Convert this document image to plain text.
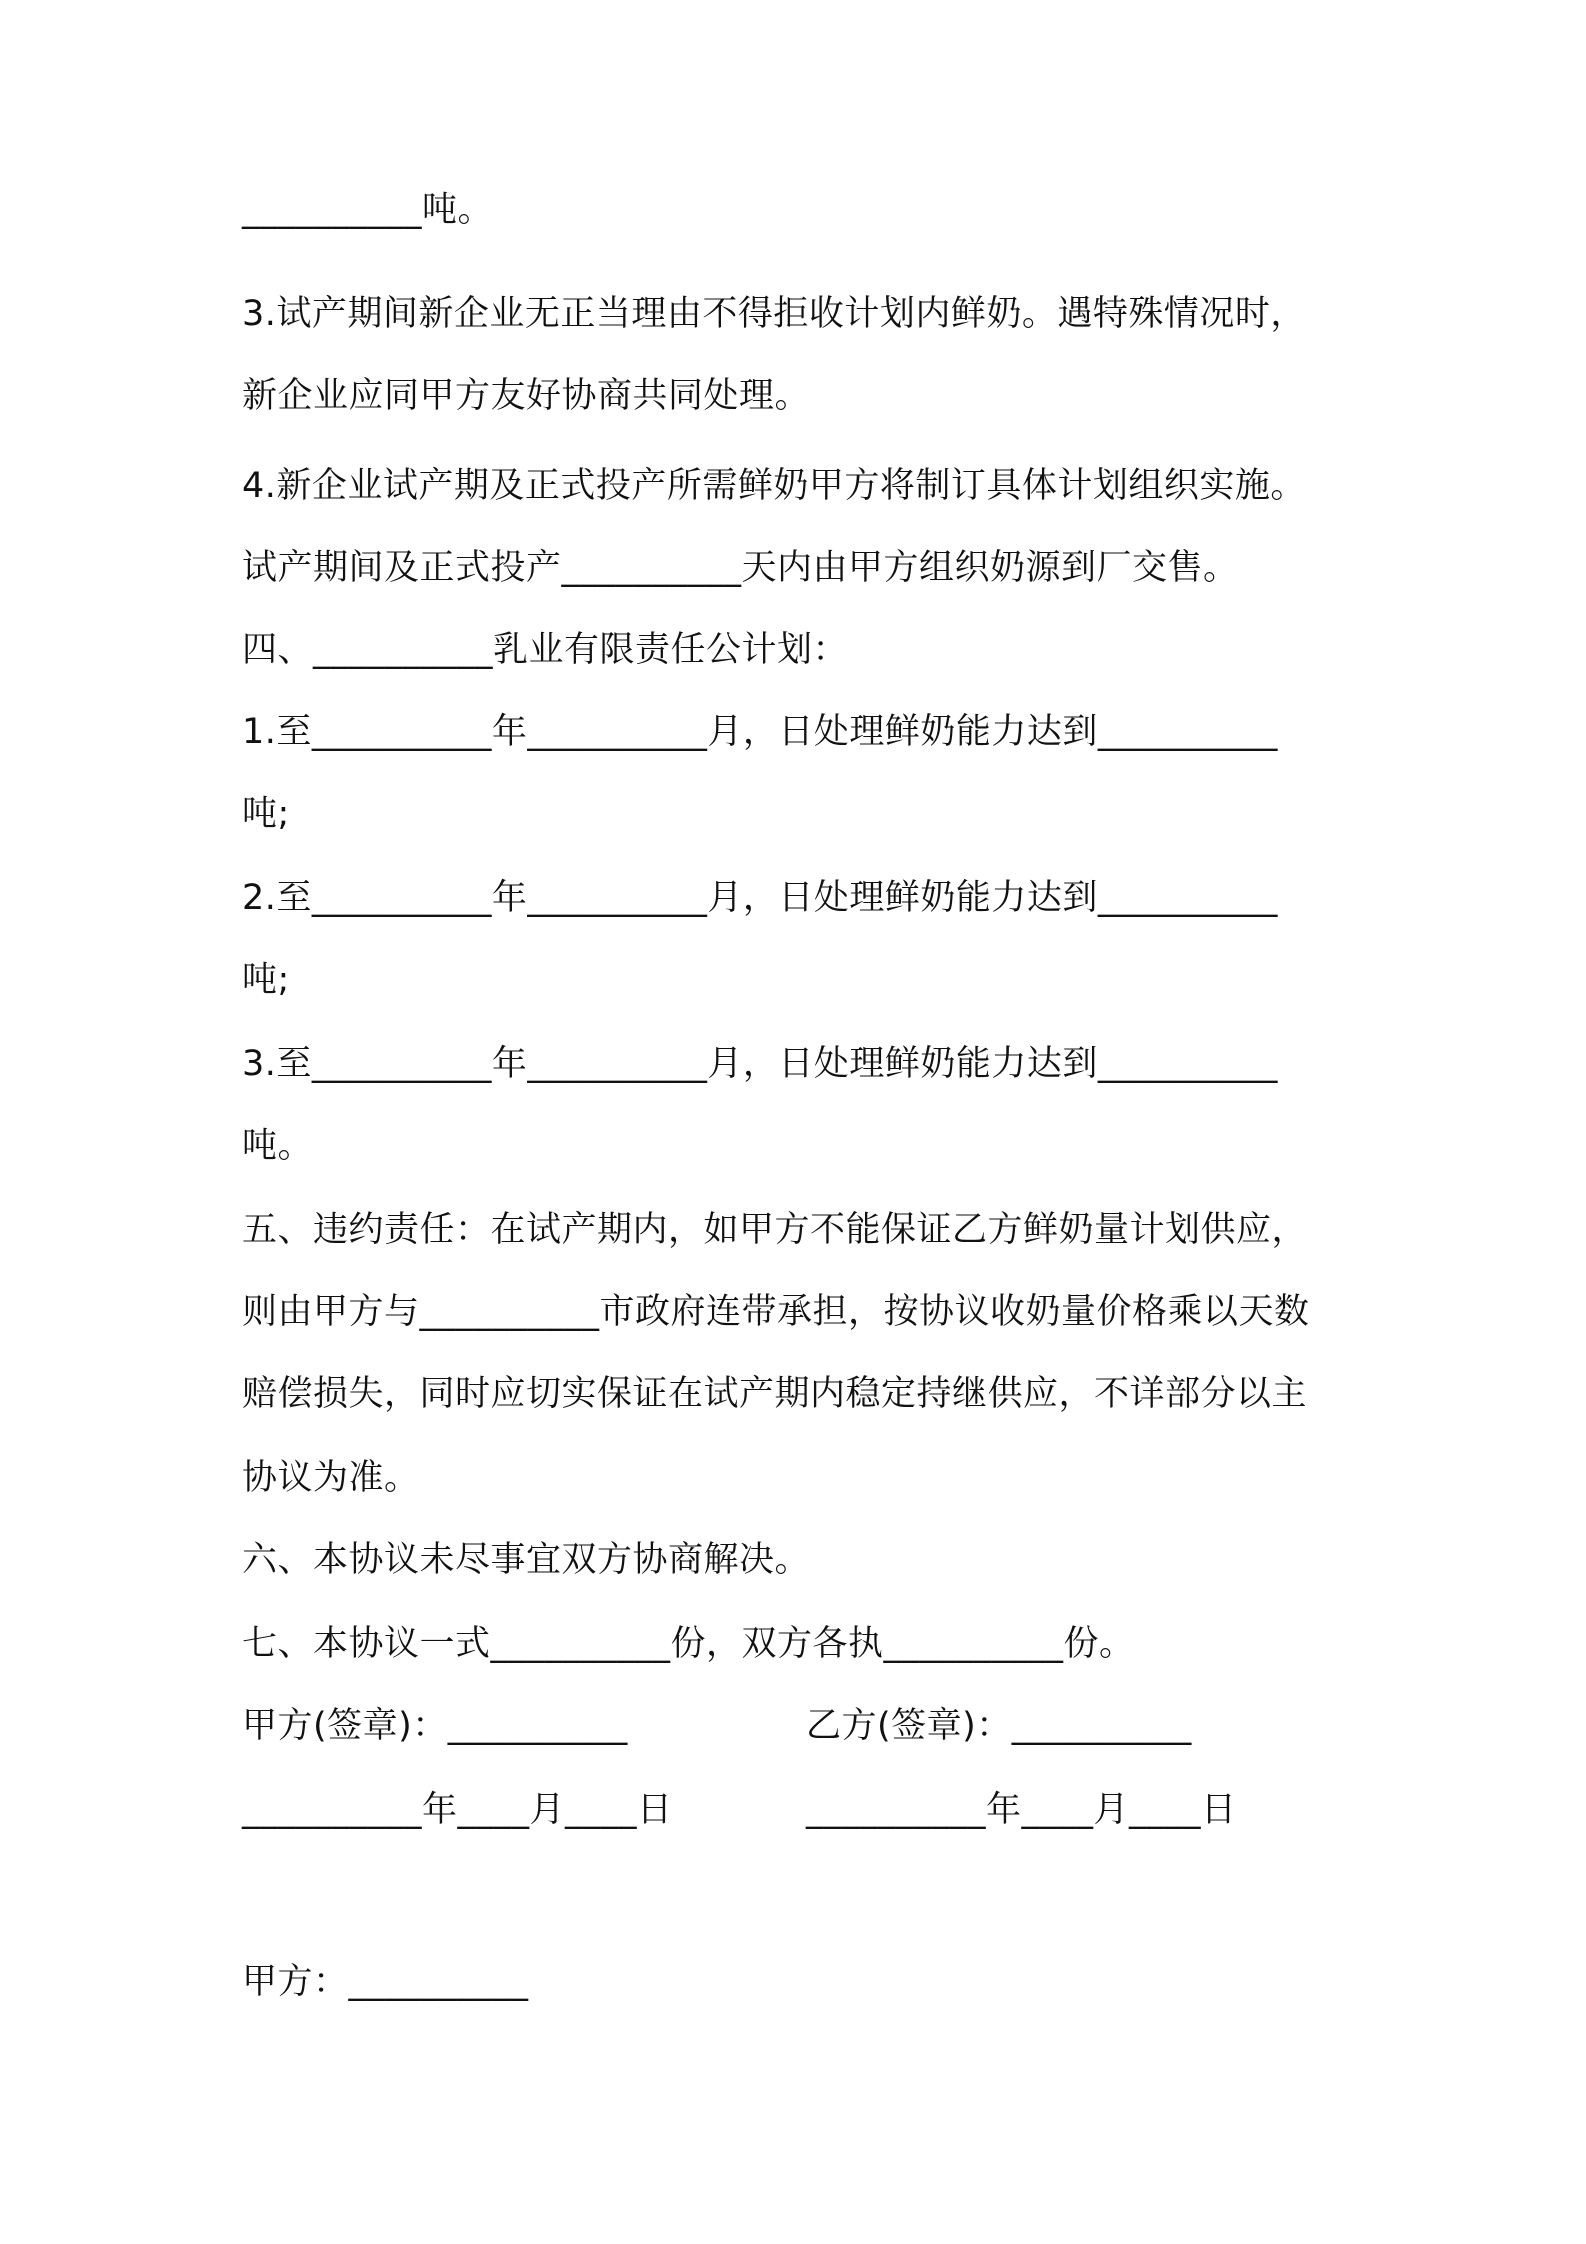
__________吨。
3.试产期间新企业无正当理由不得拒收计划内鲜奶。遇特殊情况时，
新企业应同甲方友好协商共同处理。
4.新企业试产期及正式投产所需鲜奶甲方将制订具体计划组织实施。
试产期间及正式投产__________天内由甲方组织奶源到厂交售。
四、__________乳业有限责任公计划：
1.至__________年__________月，日处理鲜奶能力达到__________
吨;
2.至__________年__________月，日处理鲜奶能力达到__________
吨;
3.至__________年__________月，日处理鲜奶能力达到__________
吨。
五、违约责任：在试产期内，如甲方不能保证乙方鲜奶量计划供应，
则由甲方与__________市政府连带承担，按协议收奶量价格乘以天数
赔偿损失，同时应切实保证在试产期内稳定持继供应，不详部分以主
协议为准。
六、本协议未尽事宜双方协商解决。
七、本协议一式__________份，双方各执__________份。
甲方(签章)：__________	乙方(签章)：__________
__________年____月____日	__________年____月____日
甲方：__________
